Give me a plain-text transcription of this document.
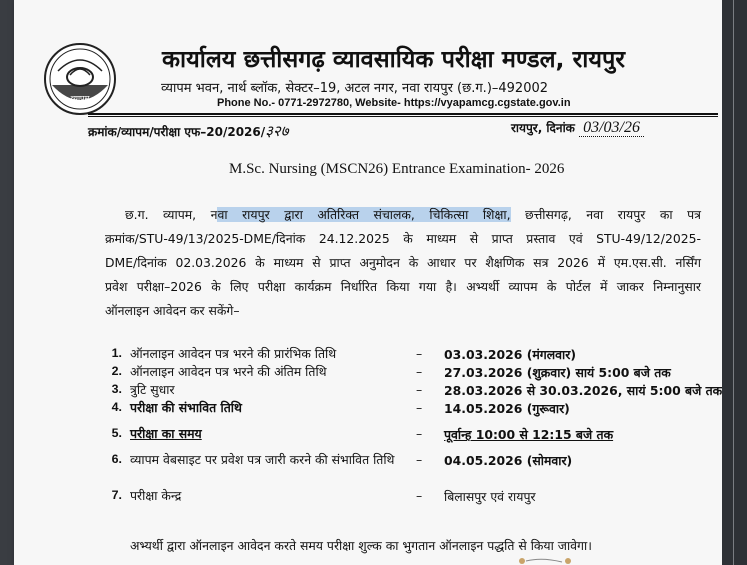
व्यापम
कार्यालय छत्तीसगढ़ व्यावसायिक परीक्षा मण्डल, रायपुर
व्यापम भवन, नार्थ ब्लॉक, सेक्टर–19, अटल नगर, नवा रायपुर (छ.ग.)–492002
Phone No.- 0771-2972780, Website- https://vyapamcg.cgstate.gov.in
क्रमांक/व्यापम/परीक्षा एफ–20/2026/३२७	रायपुर, दिनांक 03/03/26
M.Sc. Nursing (MSCN26) Entrance Examination- 2026
छ.ग. व्यापम, नवा रायपुर द्वारा अतिरिक्त संचालक, चिकित्सा शिक्षा, छत्तीसगढ़, नवा रायपुर का पत्र
क्रमांक/STU-49/13/2025-DME/दिनांक 24.12.2025 के माध्यम से प्राप्त प्रस्ताव एवं STU-49/12/2025-
DME/दिनांक 02.03.2026 के माध्यम से प्राप्त अनुमोदन के आधार पर शैक्षणिक सत्र 2026 में एम.एस.सी. नर्सिंग
प्रवेश परीक्षा–2026 के लिए परीक्षा कार्यक्रम निर्धारित किया गया है। अभ्यर्थी व्यापम के पोर्टल में जाकर निम्नानुसार
ऑनलाइन आवेदन कर सकेंगे–
1. ऑनलाइन आवेदन पत्र भरने की प्रारंभिक तिथि	– 03.03.2026 (मंगलवार)
2. ऑनलाइन आवेदन पत्र भरने की अंतिम तिथि	– 27.03.2026 (शुक्रवार) सायं 5:00 बजे तक
3. त्रुटि सुधार	– 28.03.2026 से 30.03.2026, सायं 5:00 बजे तक
4. परीक्षा की संभावित तिथि	– 14.05.2026 (गुरूवार)
5. परीक्षा का समय	– पूर्वान्ह 10:00 से 12:15 बजे तक
6. व्यापम वेबसाइट पर प्रवेश पत्र जारी करने की संभावित तिथि	– 04.05.2026 (सोमवार)
7. परीक्षा केन्द्र	– बिलासपुर एवं रायपुर
अभ्यर्थी द्वारा ऑनलाइन आवेदन करते समय परीक्षा शुल्क का भुगतान ऑनलाइन पद्धति से किया जावेगा।
